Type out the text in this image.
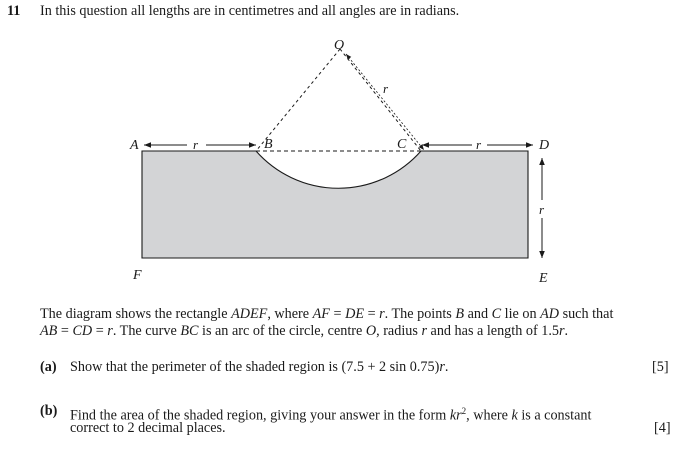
11 In this question all lengths are in centimetres and all angles are in radians.
O
A	B	C	D
E
F
r	r
r
r
The diagram shows the rectangle ADEF, where AF = DE = r. The points B and C lie on AD such that
AB = CD = r. The curve BC is an arc of the circle, centre O, radius r and has a length of 1.5r.
(a) Show that the perimeter of the shaded region is (7.5 + 2 sin 0.75)r.	[5]
(b) Find the area of the shaded region, giving your answer in the form $kr^2$, where k is a constant
correct to 2 decimal places.	[4]
